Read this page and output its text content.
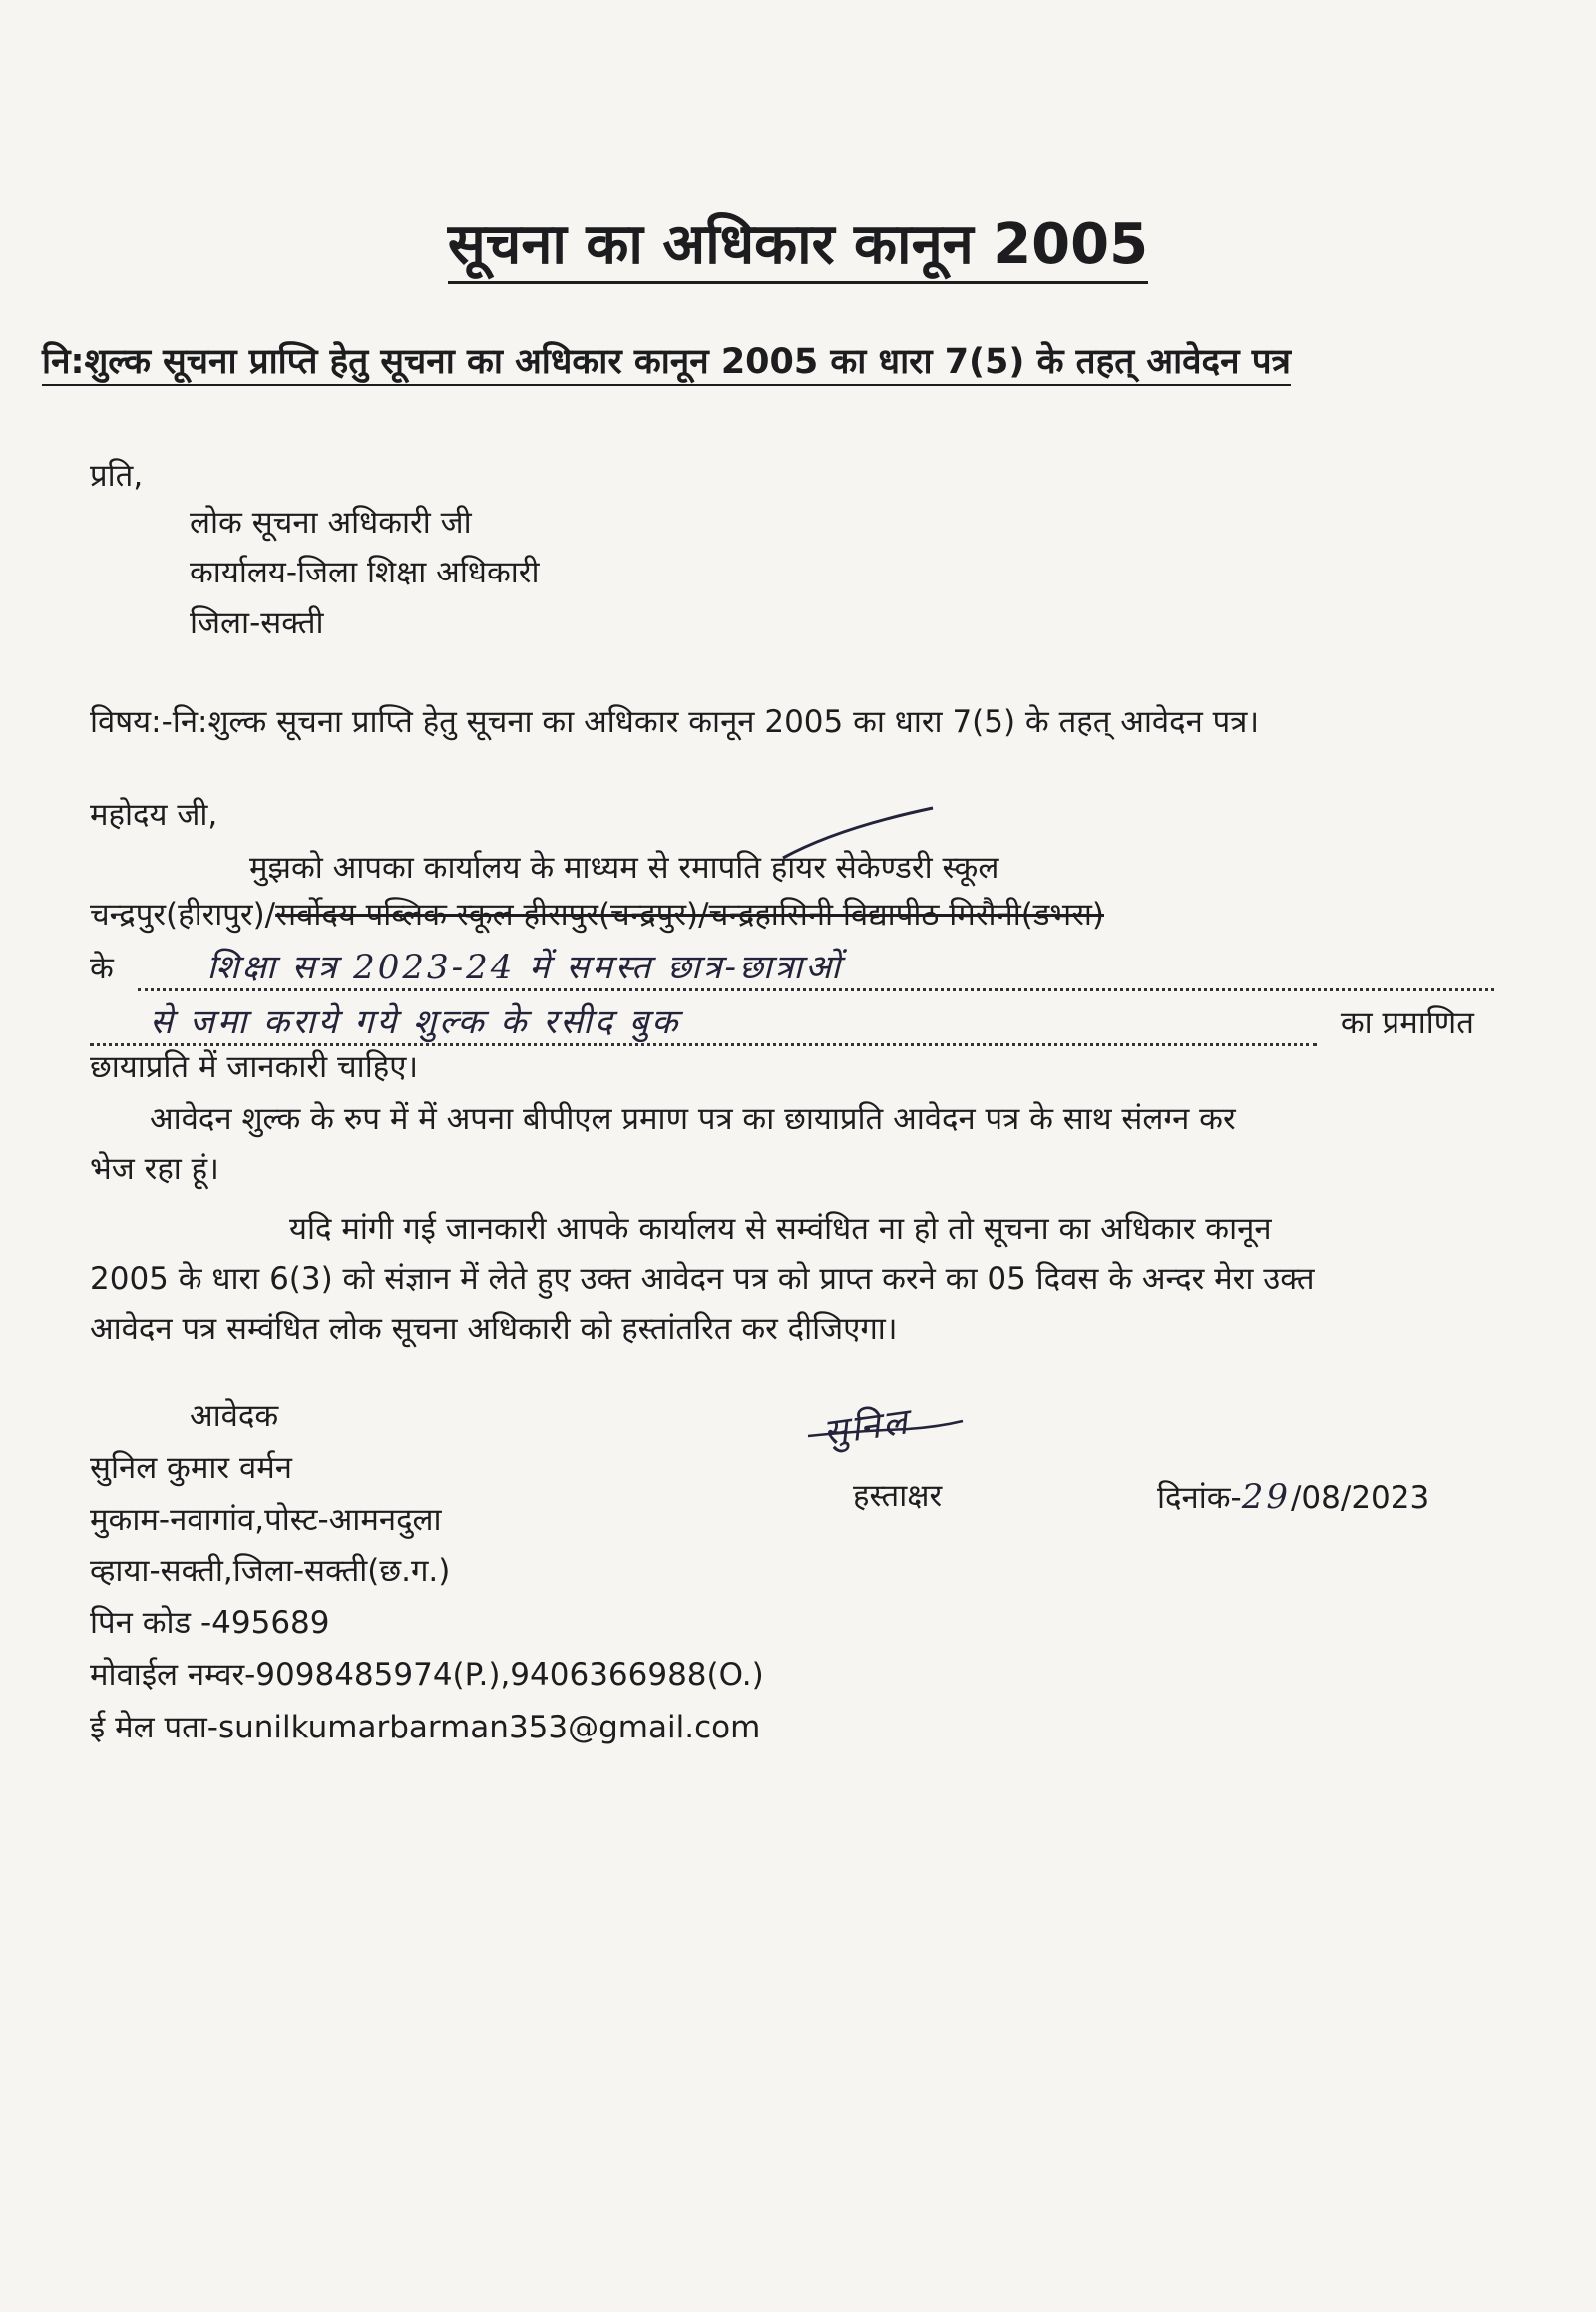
सूचना का अधिकार कानून 2005
नि:शुल्क सूचना प्राप्ति हेतु सूचना का अधिकार कानून 2005 का धारा 7(5) के तहत् आवेदन पत्र
प्रति,
लोक सूचना अधिकारी जी
कार्यालय-जिला शिक्षा अधिकारी
जिला-सक्ती
विषय:-नि:शुल्क सूचना प्राप्ति हेतु सूचना का अधिकार कानून 2005 का धारा 7(5) के तहत् आवेदन पत्र।
महोदय जी,
मुझको आपका कार्यालय के माध्यम से रमापति हायर सेकेण्डरी स्कूल
चन्द्रपुर(हीरापुर)/सर्वोदय पब्लिक स्कूल हीरापुर(चन्द्रपुर)/चन्द्रहासिनी विद्यापीठ मिरौनी(डभरा)
के	शिक्षा सत्र 2023-24 में समस्त छात्र-छात्राओं
से जमा कराये गये शुल्क के रसीद बुक	का प्रमाणित
छायाप्रति में जानकारी चाहिए।
आवेदन शुल्क के रुप में में अपना बीपीएल प्रमाण पत्र का छायाप्रति आवेदन पत्र के साथ संलग्न कर
भेज रहा हूं।
यदि मांगी गई जानकारी आपके कार्यालय से सम्वंधित ना हो तो सूचना का अधिकार कानून
2005 के धारा 6(3) को संज्ञान में लेते हुए उक्त आवेदन पत्र को प्राप्त करने का 05 दिवस के अन्दर मेरा उक्त
आवेदन पत्र सम्वंधित लोक सूचना अधिकारी को हस्तांतरित कर दीजिएगा।
आवेदक
सुनिल कुमार वर्मन
मुकाम-नवागांव,पोस्ट-आमनदुला
व्हाया-सक्ती,जिला-सक्ती(छ.ग.)
पिन कोड -495689
मोवाईल नम्वर-9098485974(P.),9406366988(O.)
ई मेल पता-sunilkumarbarman353@gmail.com
सुनिल
हस्ताक्षर	दिनांक-29/08/2023
